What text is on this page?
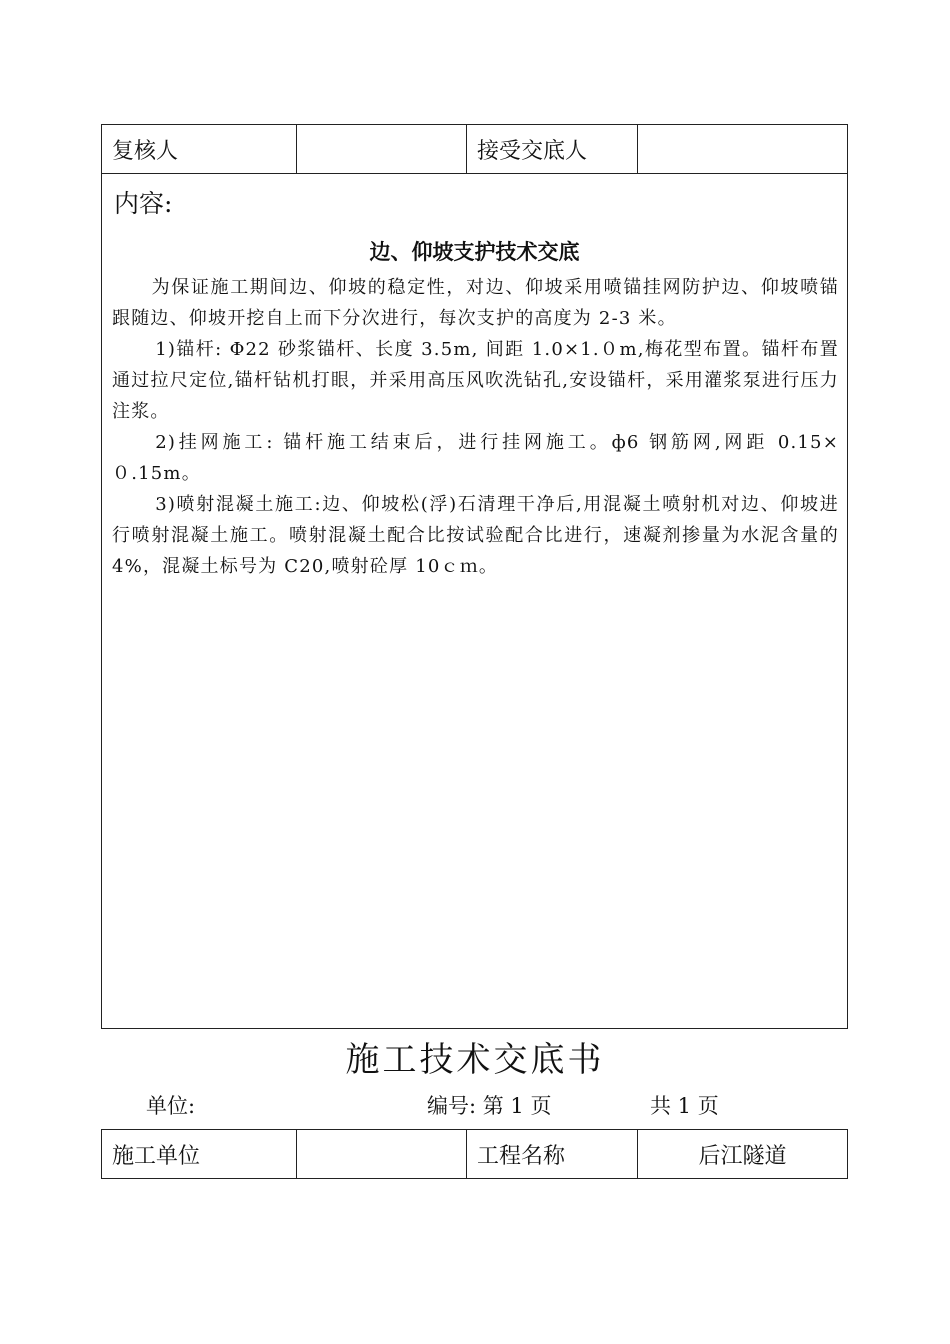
复核人		接受交底人	
内容:
边、仰坡支护技术交底

为保证施工期间边、仰坡的稳定性，对边、仰坡采用喷锚挂网防护边、仰坡喷锚跟随边、仰坡开挖自上而下分次进行，每次支护的高度为 2-3 米。

1)锚杆: Φ22 砂浆锚杆、长度 3.5m, 间距 1.0×1.０m,梅花型布置。锚杆布置通过拉尺定位,锚杆钻机打眼，并采用高压风吹洗钻孔,安设锚杆，采用灌浆泵进行压力注浆。

2)挂网施工: 锚杆施工结束后，进行挂网施工。ф6 钢筋网,网距 0.15×０.15m。

3)喷射混凝土施工:边、仰坡松(浮)石清理干净后,用混凝土喷射机对边、仰坡进行喷射混凝土施工。喷射混凝土配合比按试验配合比进行，速凝剂掺量为水泥含量的 4%，混凝土标号为 C20,喷射砼厚 10ｃｍ。

施工技术交底书
单位:	编号: 第 1 页	共 1 页
施工单位		工程名称	后江隧道
